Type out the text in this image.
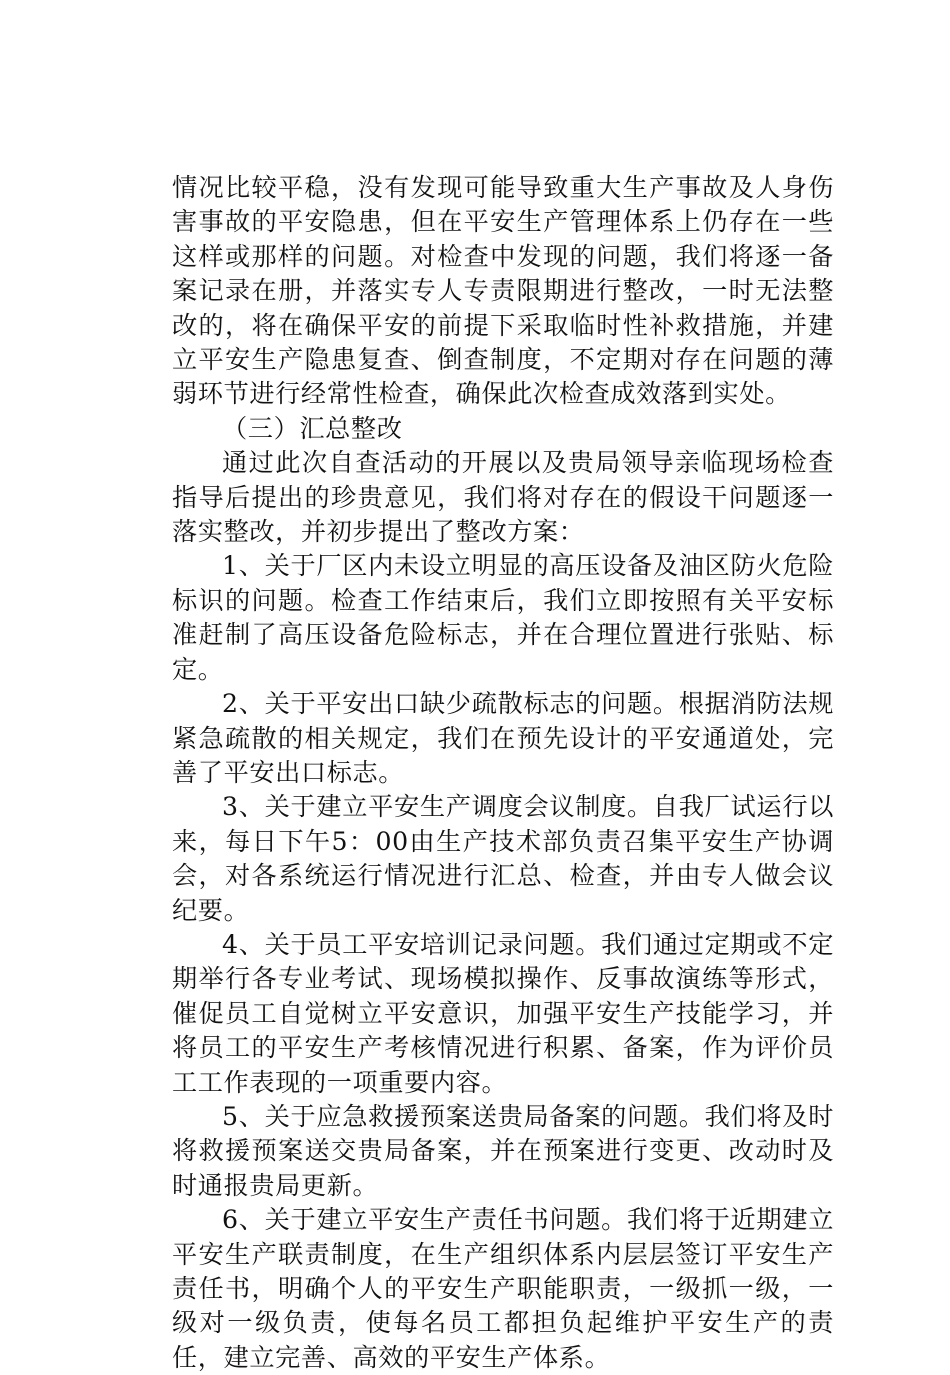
情况比较平稳，没有发现可能导致重大生产事故及人身伤害事故的平安隐患，但在平安生产管理体系上仍存在一些这样或那样的问题。对检查中发现的问题，我们将逐一备案记录在册，并落实专人专责限期进行整改，一时无法整改的，将在确保平安的前提下采取临时性补救措施，并建立平安生产隐患复查、倒查制度，不定期对存在问题的薄弱环节进行经常性检查，确保此次检查成效落到实处。

（三）汇总整改

通过此次自查活动的开展以及贵局领导亲临现场检查指导后提出的珍贵意见，我们将对存在的假设干问题逐一落实整改，并初步提出了整改方案：

1、关于厂区内未设立明显的高压设备及油区防火危险标识的问题。检查工作结束后，我们立即按照有关平安标准赶制了高压设备危险标志，并在合理位置进行张贴、标定。

2、关于平安出口缺少疏散标志的问题。根据消防法规紧急疏散的相关规定，我们在预先设计的平安通道处，完善了平安出口标志。

3、关于建立平安生产调度会议制度。自我厂试运行以来，每日下午5：00由生产技术部负责召集平安生产协调会，对各系统运行情况进行汇总、检查，并由专人做会议纪要。

4、关于员工平安培训记录问题。我们通过定期或不定期举行各专业考试、现场模拟操作、反事故演练等形式，催促员工自觉树立平安意识，加强平安生产技能学习，并将员工的平安生产考核情况进行积累、备案，作为评价员工工作表现的一项重要内容。

5、关于应急救援预案送贵局备案的问题。我们将及时将救援预案送交贵局备案，并在预案进行变更、改动时及时通报贵局更新。

6、关于建立平安生产责任书问题。我们将于近期建立平安生产联责制度，在生产组织体系内层层签订平安生产责任书，明确个人的平安生产职能职责，一级抓一级，一级对一级负责，使每名员工都担负起维护平安生产的责任，建立完善、高效的平安生产体系。
